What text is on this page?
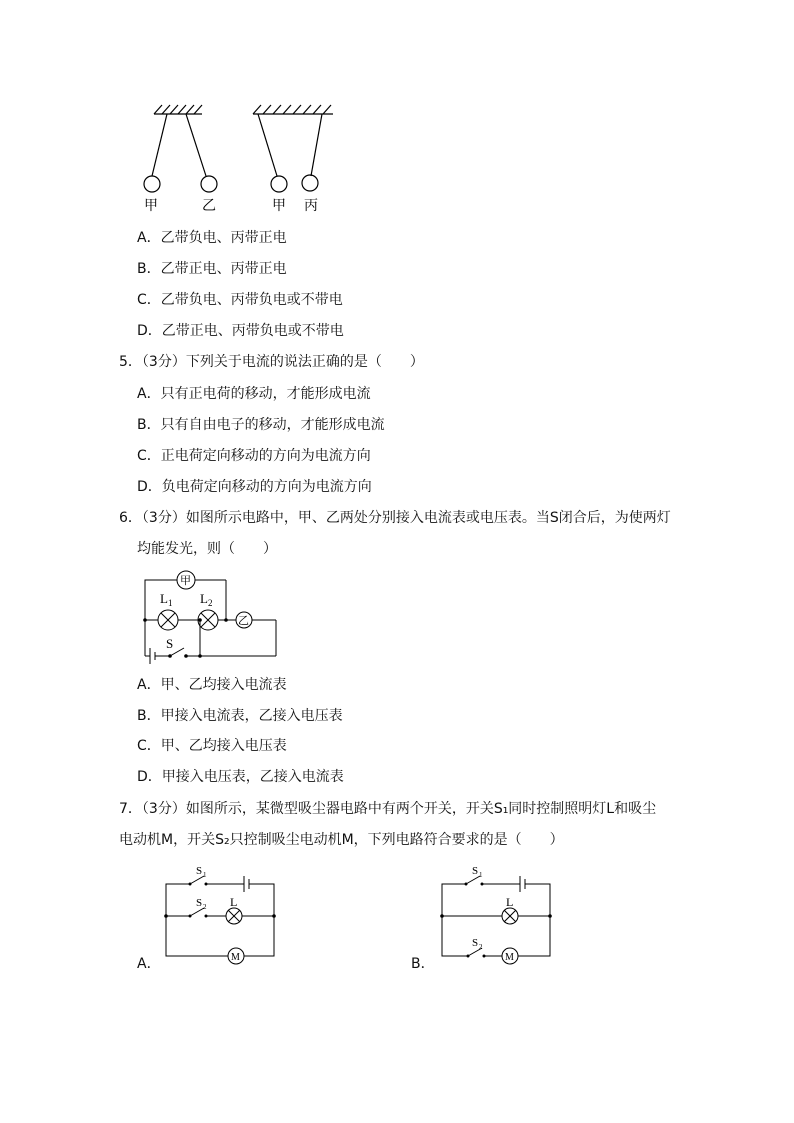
甲	乙	甲 丙
A．乙带负电、丙带正电
B．乙带正电、丙带正电
C．乙带负电、丙带负电或不带电
D．乙带正电、丙带负电或不带电
5．（3分）下列关于电流的说法正确的是（　　）
A．只有正电荷的移动，才能形成电流
B．只有自由电子的移动，才能形成电流
C．正电荷定向移动的方向为电流方向
D．负电荷定向移动的方向为电流方向
6．（3分）如图所示电路中，甲、乙两处分别接入电流表或电压表。当S闭合后，为使两灯
均能发光，则（　　）
甲
乙
L 1 L 2
S
A．甲、乙均接入电流表
B．甲接入电流表，乙接入电压表
C．甲、乙均接入电压表
D．甲接入电压表，乙接入电流表
7．（3分）如图所示，某微型吸尘器电路中有两个开关，开关S₁同时控制照明灯L和吸尘
电动机M，开关S₂只控制吸尘电动机M，下列电路符合要求的是（　　）
A．	B．
S 1
S 2 L
M
S 1
L
S 2
M
